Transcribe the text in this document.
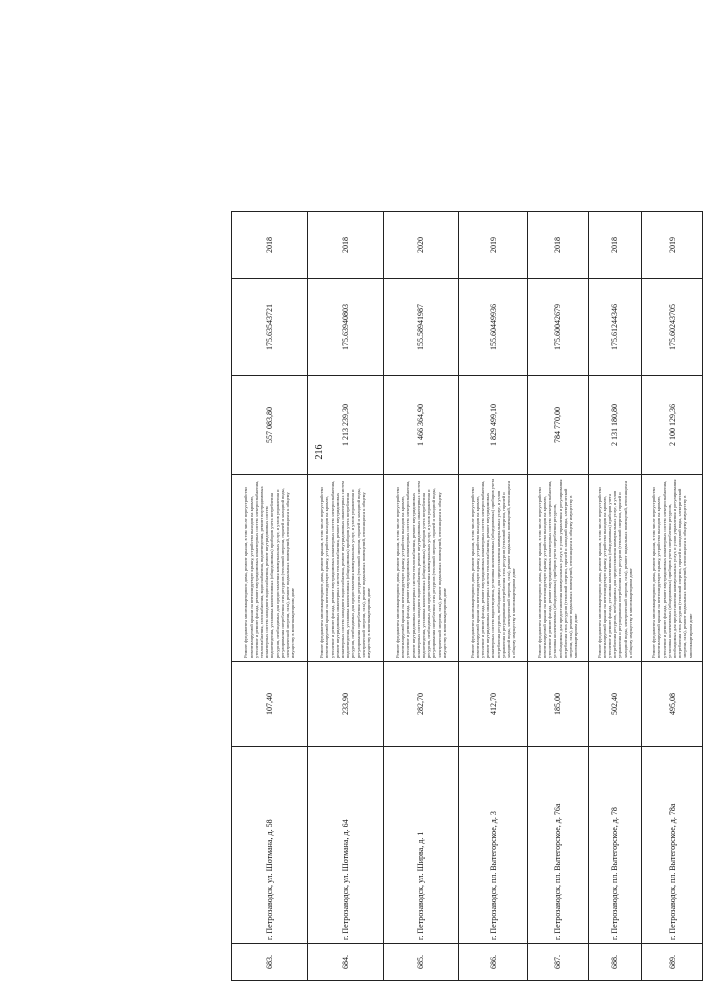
216
683.	г. Петрозаводск, ул. Шотмана, д. 58	107,40	Ремонт фундамента многоквартирного дома, ремонт крыши, в том числе переустройство невентилируемой крыши на вентилируемую крышу, устройство выходов на кровлю, утепление и ремонт фасада, ремонт внутридомовых инженерных систем электроснабжения, теплоснабжения, газоснабжения, водоснабжения, водоотведения, ремонт внутридомовых инженерных систем холодного водоснабжения, ремонт внутридомовых систем водоотведения, установка коллективных (общедомовых) приборов учета потребления ресурсов, необходимых для предоставления коммунальных услуг, и узлов управления и регулирования потребления этих ресурсов (тепловой энергии, горячей и холодной воды, электрической энергии, газа), ремонт подвальных помещений, относящихся к общему имуществу в многоквартирном доме	557 083,80	175.63543721	2018
684.	г. Петрозаводск, ул. Шотмана, д. 64	233,90	Ремонт фундамента многоквартирного дома, ремонт крыши, в том числе переустройство невентилируемой крыши на вентилируемую крышу, устройство выходов на кровлю, утепление и ремонт фасада, ремонт внутридомовых инженерных систем электроснабжения, ремонт внутридомовых инженерных систем теплоснабжения, ремонт внутридомовых инженерных систем холодного водоснабжения, ремонт внутридомовых инженерных систем водоотведения, установка коллективных (общедомовых) приборов учета потребления ресурсов, необходимых для предоставления коммунальных услуг, и узлов управления и регулирования потребления этих ресурсов (тепловой энергии, горячей и холодной воды, электрической энергии, газа), ремонт подвальных помещений, относящихся к общему имуществу в многоквартирном доме	1 213 239,30	175.63940803	2018
685.	г. Петрозаводск, ул. Ширва, д. 1	282,70	Ремонт фундамента многоквартирного дома, ремонт крыши, в том числе переустройство невентилируемой крыши на вентилируемую крышу, устройство выходов на кровлю, утепление и ремонт фасада, ремонт внутридомовых инженерных систем электроснабжения, ремонт внутридомовых инженерных систем теплоснабжения, ремонт внутридомовых инженерных систем холодного водоснабжения, ремонт внутридомовых инженерных систем водоотведения, установка коллективных (общедомовых) приборов учета потребления ресурсов, необходимых для предоставления коммунальных услуг, и узлов управления и регулирования потребления этих ресурсов (тепловой энергии, горячей и холодной воды, электрической энергии, газа), ремонт подвальных помещений, относящихся к общему имуществу в многоквартирном доме	1 466 364,90	155.58941987	2020
686.	г. Петрозаводск, пл. Вытегорское, д. 3	412,70	Ремонт фундамента многоквартирного дома, ремонт крыши, в том числе переустройство невентилируемой крыши на вентилируемую крышу, устройство выходов на кровлю, утепление и ремонт фасада, ремонт внутридомовых инженерных систем электроснабжения, ремонт внутридомовых инженерных систем теплоснабжения, ремонт внутридомовых инженерных систем водоотведения, установка коллективных (общедомовых) приборов учета потребления ресурсов, необходимых для предоставления коммунальных услуг, и узлов управления и регулирования потребления этих ресурсов (тепловой энергии, горячей и холодной воды, электрической энергии, газа), ремонт подвальных помещений, относящихся к общему имуществу в многоквартирном доме	1 829 499,10	155.60449936	2019
687.	г. Петрозаводск, пл. Вытегорское, д. 76а	185,00	Ремонт фундамента многоквартирного дома, ремонт крыши, в том числе переустройство невентилируемой крыши на вентилируемую крышу, устройство выходов на кровлю, утепление и ремонт фасада, ремонт внутридомовых инженерных систем электроснабжения, установка коллективных (общедомовых) приборов учета потребления ресурсов, необходимых для предоставления коммунальных услуг, и узлов управления и регулирования потребления этих ресурсов (тепловой энергии, горячей и холодной воды, электрической энергии, газа), ремонт подвальных помещений, относящихся к общему имуществу в многоквартирном доме	784 770,00	175.60042679	2018
688.	г. Петрозаводск, пл. Вытегорское, д. 78	502,40	Ремонт фундамента многоквартирного дома, ремонт крыши, в том числе переустройство невентилируемой крыши на вентилируемую крышу, устройство выходов на кровлю, утепление и ремонт фасада, установка коллективных (общедомовых) приборов учета потребления ресурсов, необходимых для предоставления коммунальных услуг, и узлов управления и регулирования потребления этих ресурсов (тепловой энергии, горячей и холодной воды, электрической энергии, газа), ремонт подвальных помещений, относящихся к общему имуществу в многоквартирном доме	2 131 180,80	175.61244346	2018
689.	г. Петрозаводск, пл. Вытегорское, д. 78а	495,08	Ремонт фундамента многоквартирного дома, ремонт крыши, в том числе переустройство невентилируемой крыши на вентилируемую крышу, устройство выходов на кровлю, утепление и ремонт фасада, ремонт внутридомовых инженерных систем электроснабжения, установка коллективных (общедомовых) приборов учета потребления ресурсов, необходимых для предоставления коммунальных услуг, и узлов управления и регулирования потребления этих ресурсов (тепловой энергии, горячей и холодной воды, электрической энергии, газа), ремонт подвальных помещений, относящихся к общему имуществу в многоквартирном доме	2 100 129,36	175.60243705	2019
